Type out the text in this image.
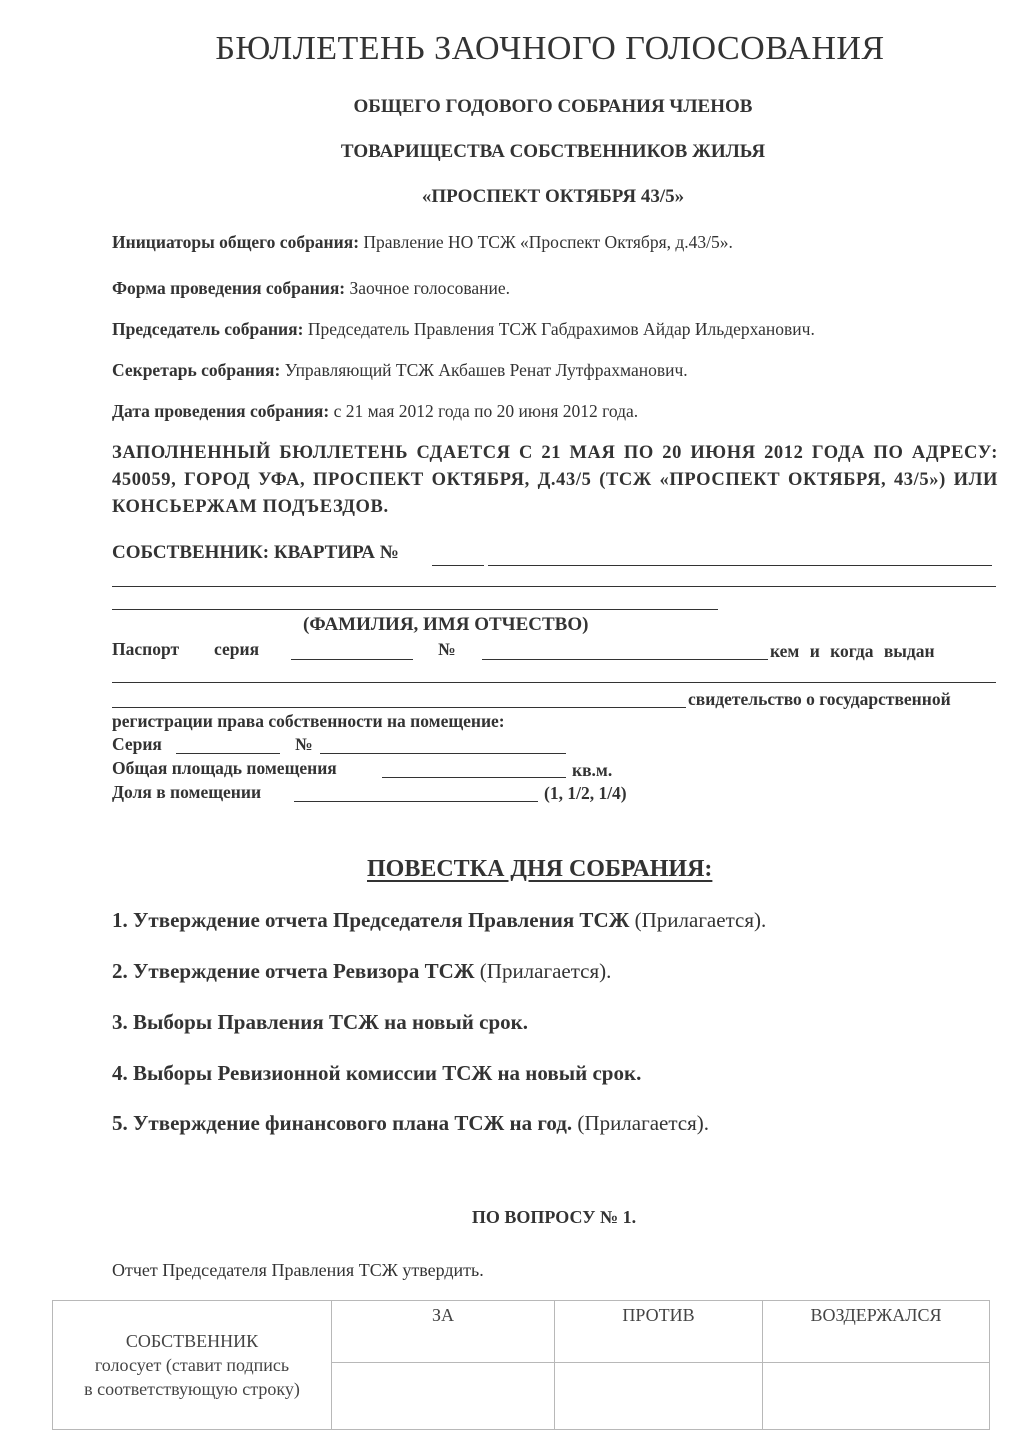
БЮЛЛЕТЕНЬ ЗАОЧНОГО ГОЛОСОВАНИЯ
ОБЩЕГО ГОДОВОГО СОБРАНИЯ ЧЛЕНОВ
ТОВАРИЩЕСТВА СОБСТВЕННИКОВ ЖИЛЬЯ
«ПРОСПЕКТ ОКТЯБРЯ 43/5»
Инициаторы общего собрания: Правление НО ТСЖ «Проспект Октября, д.43/5».
Форма проведения собрания: Заочное голосование.
Председатель собрания: Председатель Правления ТСЖ Габдрахимов Айдар Ильдерханович.
Секретарь собрания: Управляющий ТСЖ Акбашев Ренат Лутфрахманович.
Дата проведения собрания: с 21 мая 2012 года по 20 июня 2012 года.
ЗАПОЛНЕННЫЙ БЮЛЛЕТЕНЬ СДАЕТСЯ С 21 МАЯ ПО 20 ИЮНЯ 2012 ГОДА ПО АДРЕСУ: 450059, ГОРОД УФА, ПРОСПЕКТ ОКТЯБРЯ, Д.43/5 (ТСЖ «ПРОСПЕКТ ОКТЯБРЯ, 43/5») ИЛИ КОНСЬЕРЖАМ ПОДЪЕЗДОВ.
СОБСТВЕННИК: КВАРТИРА №
(ФАМИЛИЯ, ИМЯ ОТЧЕСТВО)
Паспорт серия	№	кем и когда выдан
свидетельство о государственной
регистрации права собственности на помещение:
Серия	№
Общая площадь помещения	кв.м.
Доля в помещении	(1, 1/2, 1/4)
ПОВЕСТКА ДНЯ СОБРАНИЯ:
1. Утверждение отчета Председателя Правления ТСЖ (Прилагается).
2. Утверждение отчета Ревизора ТСЖ (Прилагается).
3. Выборы Правления ТСЖ на новый срок.
4. Выборы Ревизионной комиссии ТСЖ на новый срок.
5. Утверждение финансового плана ТСЖ на год. (Прилагается).
ПО ВОПРОСУ № 1.
Отчет Председателя Правления ТСЖ утвердить.
СОБСТВЕННИК
голосует (ставит подпись
в соответствующую строку)	ЗА	ПРОТИВ	ВОЗДЕРЖАЛСЯ
